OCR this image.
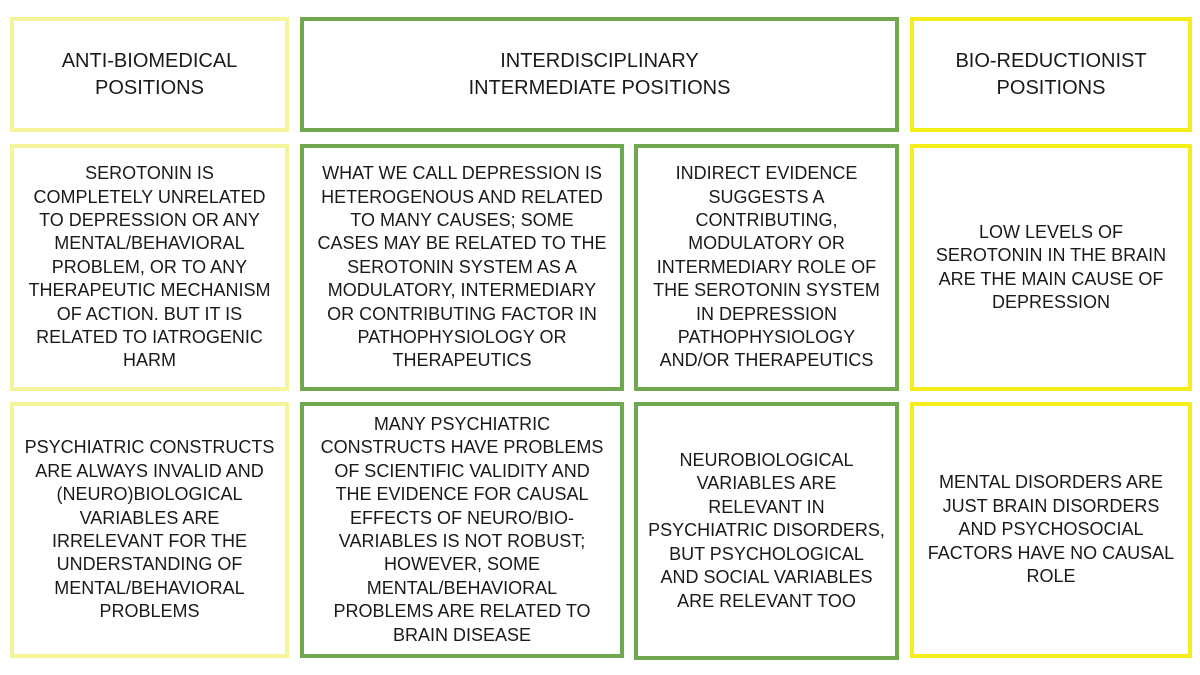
ANTI-BIOMEDICAL
POSITIONS
INTERDISCIPLINARY
INTERMEDIATE POSITIONS
BIO-REDUCTIONIST
POSITIONS
SEROTONIN IS
COMPLETELY UNRELATED
TO DEPRESSION OR ANY
MENTAL/BEHAVIORAL
PROBLEM, OR TO ANY
THERAPEUTIC MECHANISM
OF ACTION. BUT IT IS
RELATED TO IATROGENIC
HARM
WHAT WE CALL DEPRESSION IS
HETEROGENOUS AND RELATED
TO MANY CAUSES; SOME
CASES MAY BE RELATED TO THE
SEROTONIN SYSTEM AS A
MODULATORY, INTERMEDIARY
OR CONTRIBUTING FACTOR IN
PATHOPHYSIOLOGY OR
THERAPEUTICS
INDIRECT EVIDENCE
SUGGESTS A
CONTRIBUTING,
MODULATORY OR
INTERMEDIARY ROLE OF
THE SEROTONIN SYSTEM
IN DEPRESSION
PATHOPHYSIOLOGY
AND/OR THERAPEUTICS
LOW LEVELS OF
SEROTONIN IN THE BRAIN
ARE THE MAIN CAUSE OF
DEPRESSION
PSYCHIATRIC CONSTRUCTS
ARE ALWAYS INVALID AND
(NEURO)BIOLOGICAL
VARIABLES ARE
IRRELEVANT FOR THE
UNDERSTANDING OF
MENTAL/BEHAVIORAL
PROBLEMS
MANY PSYCHIATRIC
CONSTRUCTS HAVE PROBLEMS
OF SCIENTIFIC VALIDITY AND
THE EVIDENCE FOR CAUSAL
EFFECTS OF NEURO/BIO-
VARIABLES IS NOT ROBUST;
HOWEVER, SOME
MENTAL/BEHAVIORAL
PROBLEMS ARE RELATED TO
BRAIN DISEASE
NEUROBIOLOGICAL
VARIABLES ARE
RELEVANT IN
PSYCHIATRIC DISORDERS,
BUT PSYCHOLOGICAL
AND SOCIAL VARIABLES
ARE RELEVANT TOO
MENTAL DISORDERS ARE
JUST BRAIN DISORDERS
AND PSYCHOSOCIAL
FACTORS HAVE NO CAUSAL
ROLE
